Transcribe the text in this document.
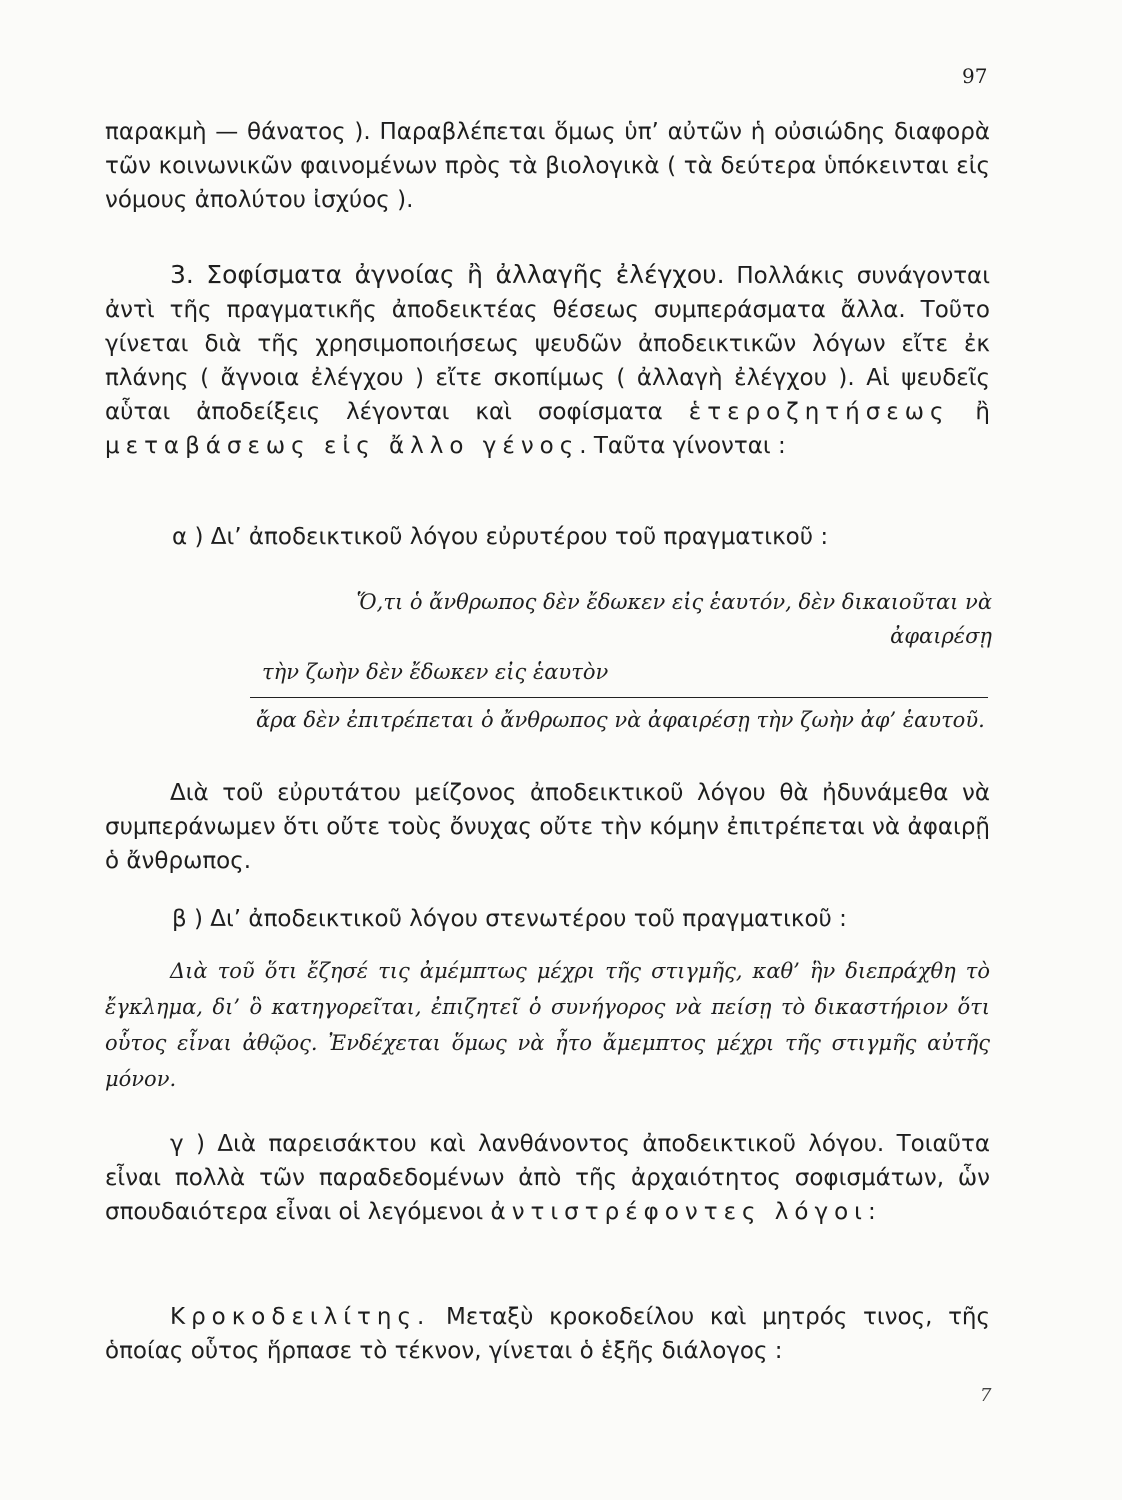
97

παρακμὴ — θάνατος ). Παραβλέπεται ὅμως ὑπ’ αὐτῶν ἡ οὐσιώδης διαφορὰ τῶν κοινωνικῶν φαινομένων πρὸς τὰ βιολογικὰ ( τὰ δεύτερα ὑπόκεινται εἰς νόμους ἀπολύτου ἰσχύος ).

3. Σοφίσματα ἀγνοίας ἢ ἀλλαγῆς ἐλέγχου. Πολλάκις συνάγονται ἀντὶ τῆς πραγματικῆς ἀποδεικτέας θέσεως συμπεράσματα ἄλλα. Τοῦτο γίνεται διὰ τῆς χρησιμοποιήσεως ψευδῶν ἀποδεικτικῶν λόγων εἴτε ἐκ πλάνης ( ἄγνοια ἐλέγχου ) εἴτε σκοπίμως ( ἀλλαγὴ ἐλέγχου ). Αἱ ψευδεῖς αὗται ἀποδείξεις λέγονται καὶ σοφίσματα ἑτεροζητήσεως ἢ μεταβάσεως εἰς ἄλλο γένος. Ταῦτα γίνονται :

α ) Δι’ ἀποδεικτικοῦ λόγου εὐρυτέρου τοῦ πραγματικοῦ :
Ὅ,τι ὁ ἄνθρωπος δὲν ἔδωκεν εἰς ἑαυτόν, δὲν δικαιοῦται νὰ
ἀφαιρέσῃ
τὴν ζωὴν δὲν ἔδωκεν εἰς ἑαυτὸν
ἄρα δὲν ἐπιτρέπεται ὁ ἄνθρωπος νὰ ἀφαιρέσῃ τὴν ζωὴν ἀφ’ ἑαυτοῦ.

Διὰ τοῦ εὐρυτάτου μείζονος ἀποδεικτικοῦ λόγου θὰ ἠδυνάμεθα νὰ συμπεράνωμεν ὅτι οὔτε τοὺς ὄνυχας οὔτε τὴν κόμην ἐπιτρέπεται νὰ ἀφαιρῇ ὁ ἄνθρωπος.

β ) Δι’ ἀποδεικτικοῦ λόγου στενωτέρου τοῦ πραγματικοῦ :

Διὰ τοῦ ὅτι ἔζησέ τις ἀμέμπτως μέχρι τῆς στιγμῆς, καθ’ ἣν διεπράχθη τὸ ἔγκλημα, δι’ ὃ κατηγορεῖται, ἐπιζητεῖ ὁ συνήγορος νὰ πείσῃ τὸ δικαστήριον ὅτι οὗτος εἶναι ἀθῷος. Ἐνδέχεται ὅμως νὰ ἦτο ἄμεμπτος μέχρι τῆς στιγμῆς αὐτῆς μόνον.

γ ) Διὰ παρεισάκτου καὶ λανθάνοντος ἀποδεικτικοῦ λόγου. Τοιαῦτα εἶναι πολλὰ τῶν παραδεδομένων ἀπὸ τῆς ἀρχαιότητος σοφισμάτων, ὧν σπουδαιότερα εἶναι οἱ λεγόμενοι ἀντιστρέφοντες λόγοι:

Κροκοδειλίτης. Μεταξὺ κροκοδείλου καὶ μητρός τινος, τῆς ὁποίας οὗτος ἥρπασε τὸ τέκνον, γίνεται ὁ ἑξῆς διάλογος :

7
